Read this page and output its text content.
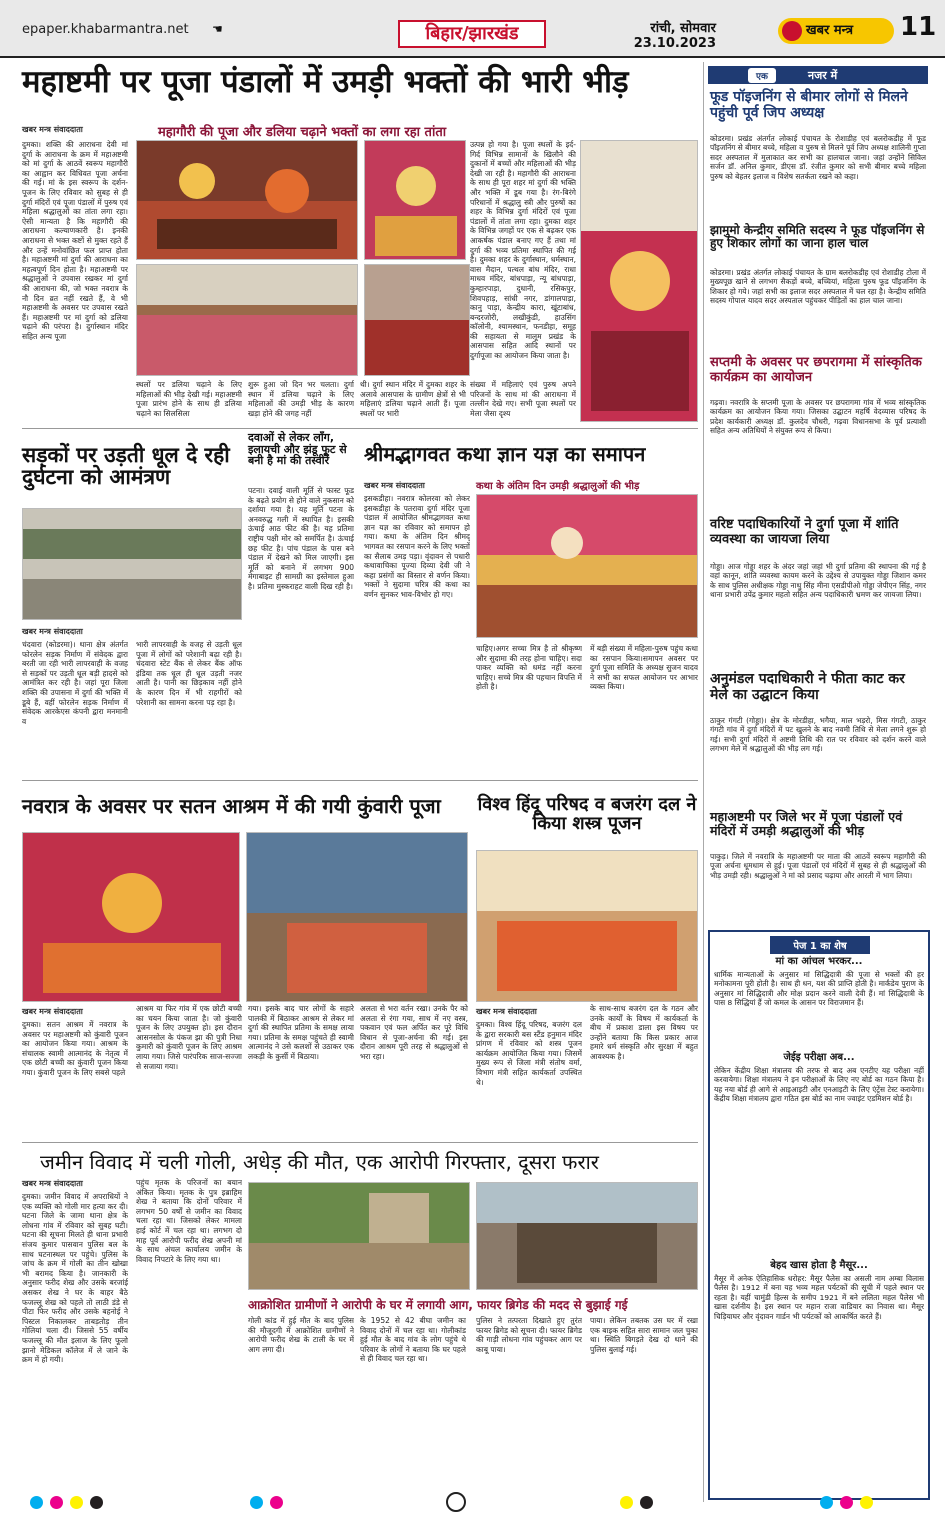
epaper.khabarmantra.net ☚	बिहार/झारखंड	रांची, सोमवार
23.10.2023
खबर मन्त्र	11
महाष्टमी पर पूजा पंडालों में उमड़ी भक्तों की भारी भीड़
खबर मन्त्र संवाददाता	महागौरी की पूजा और डलिया चढ़ाने भक्तों का लगा रहा तांता
दुमका। शक्ति की आराधना देवी मां दुर्गा के आराधना के क्रम में महाअष्टमी को मां दुर्गा के आठवें स्वरूप महागौरी का आह्वान कर विधिवत पूजा अर्चना की गई। मां के इस स्वरूप के दर्शन-पूजन के लिए रविवार को सुबह से ही दुर्गा मंदिरों एवं पूजा पंडालों में पुरुष एवं महिला श्रद्धालुओं का तांता लगा रहा। ऐसी मान्यता है कि महागौरी की आराधना कल्याणकारी है। इनकी आराधना से भक्त कष्टों से मुक्त रहते हैं और उन्हें मनोवांछित फल प्राप्त होता है। महाअष्टमी मां दुर्गा की आराधना का महत्वपूर्ण दिन होता है। महाअष्टमी पर श्रद्धालुओं ने उपवास रखकर मां दुर्गा की आराधना की, जो भक्त नवरात्र के नौ दिन व्रत नहीं रखते हैं, वे भी महाअष्टमी के अवसर पर उपवास रखते हैं। महाअष्टमी पर मां दुर्गा को डलिया चढ़ाने की परंपरा है। दुर्गास्थान मंदिर सहित अन्य पूजा
उत्पन्न हो गया है। पूजा स्थलों के इर्द-गिर्द विभिन्न सामानों के खिलौने की दुकानों में बच्चों और महिलाओं की भीड़ देखी जा रही है। महागौरी की आराधना के साथ ही पूरा शहर मां दुर्गा की भक्ति और भक्ति में डूब गया है। रंग-बिरंगे परिधानों में श्रद्धालु स्त्री और पुरुषों का शहर के विभिन्न दुर्गा मंदिरों एवं पूजा पंडालों में तांता लगा रहा। दुमका शहर के विभिन्न जगहों पर एक से बढ़कर एक आकर्षक पंडाल बनाए गए हैं तथा मां दुर्गा की भव्य प्रतिमा स्थापित की गई है। दुमका शहर के दुर्गास्थान, धर्मस्थान, वास मैदान, पत्थल बांध मंदिर, राधा माधव मंदिर, बांधपाड़ा, न्यू बांधपाड़ा, कुम्हारपाड़ा, दुधानी, रसिकपुर, शिवपहाड़, सांधी नगर, डांगालपाड़ा, कानु पाड़ा, केन्द्रीय कारा, खूंटाबांध, बन्दरजोरी, लखीकुंडी, हाउसिंग कॉलोनी, श्यामस्थान, फनडीहा, समूह की सहायता से मालूम प्रखंड के आसपास सहित आदि स्थानों पर दुर्गापूजा का आयोजन किया जाता है।
स्थलों पर डलिया चढ़ाने के लिए महिलाओं की भीड़ देखी गई। महाअष्टमी पूजा प्रारंभ होने के साथ ही डलिया चढ़ाने का सिलसिला
शुरू हुआ जो दिन भर चलता। दुर्गा स्थान में डलिया चढ़ाने के लिए महिलाओं की उमड़ी भीड़ के कारण खड़ा होने की जगह नहीं
थी। दुर्गा स्थान मंदिर में दुमका शहर के अलावे आसपास के ग्रामीण क्षेत्रों से भी महिलाएं डलिया चढ़ाने आती हैं। पूजा स्थलों पर भारी
संख्या में महिलाएं एवं पुरुष अपने परिजनों के साथ मां की आराधना में तल्लीन देखे गए। सभी पूजा स्थलों पर मेला जैसा दृश्य
सड़कों पर उड़ती धूल दे रही दुर्घटना को आमंत्रण
खबर मन्त्र संवाददाता
चंदवारा (कोडरमा)। थाना क्षेत्र अंतर्गत फोरलेन सड़क निर्माण में संवेदक द्वारा बरती जा रही भारी लापरवाही के वजह से सड़कों पर उड़ती धूल बड़ी हादसे को आमंत्रित कर रही है। जहां पूरा जिला शक्ति की उपासना में दुर्गा की भक्ति में डूबे हैं, वहीं फोरलेन सड़क निर्माण में संवेदक आरकेएस कंपनी द्वारा मनमानी व
भारी लापरवाही के वजह से उड़ती धूल पूजा में लोगों को परेशानी बढ़ा रही है। चंदवारा स्टेट बैंक से लेकर बैंक ऑफ इंडिया तक धूल ही धूल उड़ती नजर आती है। पानी का छिड़काव नहीं होने के कारण दिन में भी राहगीरों को परेशानी का सामना करना पड़ रहा है।
दवाओं से लेकर लॉंग, इलायची और झंडू फूट से बनी है मां की तस्वीरें
पटना। दवाई वाली मूर्ति से फास्ट फूड के बढ़ते प्रयोग से होने वाले नुकसान को दर्शाया गया है। यह मूर्ति पटना के अनवरुद्ध गली में स्थापित है। इसकी ऊंचाई आठ फीट की है। यह प्रतिमा राष्ट्रीय पक्षी मोर को समर्पित है। ऊंचाई छह फीट है। पांच पंडाल के पास बने पंडाल में देखने को मिल जाएगी। इस मूर्ति को बनाने में लगभग 900 मेगाबाइट ही सामग्री का इस्तेमाल हुआ है। प्रतिमा मुस्कराहट वाली दिख रही है।
श्रीमद्भागवत कथा ज्ञान यज्ञ का समापन
खबर मन्त्र संवाददाता	कथा के अंतिम दिन उमड़ी श्रद्धालुओं की भीड़
इसकडीहा। नवरात्र कोलरवा को लेकर इसकडीहा के पतरावा दुर्गा मंदिर पूजा पंडाल में आयोजित श्रीमद्भागवत कथा ज्ञान यज्ञ का रविवार को समापन हो गया। कथा के अंतिम दिन श्रीमद् भागवत का रसपान करने के लिए भक्तों का सैलाब उमड़ पड़ा। वृंदावन से पधारी कथावाचिका पूज्या दिव्या देवी जी ने कहा प्रसंगों का विस्तार से वर्णन किया। भक्तों ने सुदामा चरित्र की कथा का वर्णन सुनकर भाव-विभोर हो गए।
चाहिए।अगर सच्चा मित्र है तो श्रीकृष्ण और सुदामा की तरह होना चाहिए। सदा पाकर व्यक्ति को धमंड नहीं करना चाहिए। सच्चे मित्र की पहचान विपत्ति में होती है।
में बड़ी संख्या में महिला-पुरुष पहुंच कथा का रसपान किया।समापन अवसर पर दुर्गा पूजा समिति के अध्यक्ष सुजन यादव ने सभी का सफल आयोजन पर आभार व्यक्त किया।
नवरात्र के अवसर पर सतन आश्रम में की गयी कुंवारी पूजा
खबर मन्त्र संवाददाता
दुमका। सतन आश्रम में नवरात्र के अवसर पर महाअष्टमी को कुंवारी पूजन का आयोजन किया गया। आश्रम के संचालक स्वामी आत्मानंद के नेतृत्व में एक छोटी बच्ची का कुंवारी पूजन किया गया। कुंवारी पूजन के लिए सबसे पहले
आश्रम या फिर गांव में एक छोटी बच्ची का चयन किया जाता है। जो कुंवारी पूजन के लिए उपयुक्त हो। इस दौरान आसनसोल के पंकज झा की पुत्री निधा कुमारी को कुंवारी पूजन के लिए आश्रम लाया गया। जिसे पारंपरिक साज-सज्जा से सजाया गया।
गया। इसके बाद चार लोगों के सहारे पालकी में बिठाकर आश्रम से लेकर मां दुर्गा की स्थापित प्रतिमा के समक्ष लाया गया। प्रतिमा के समक्ष पहुंचते ही स्वामी आत्मानंद ने उसे कलशों से उठाकर एक लकड़ी के कुर्सी में बिठाया।
अलता से भरा वर्तन रखा। उनके पैर को अलता से रंगा गया, साथ में नए वस्त्र, पकवान एवं फल अर्पित कर पूरे विधि विधान से पूजा-अर्चना की गई। इस दौरान आश्रम पूरी तरह से श्रद्धालुओं से भरा रहा।
विश्व हिंदू परिषद व बजरंग दल ने किया शस्त्र पूजन
खबर मन्त्र संवाददाता
दुमका। विश्व हिंदू परिषद, बजरंग दल के द्वारा सरकारी बस स्टैंड हनुमान मंदिर प्रांगण में रविवार को शस्त्र पूजन कार्यक्रम आयोजित किया गया। जिसमें मुख्य रूप से जिला मंत्री संतोष वर्मा, विभाग मंत्री सहित कार्यकर्ता उपस्थित थे।
के साथ-साथ बजरंग दल के गठन और उनके कार्यों के विषय में कार्यकर्ता के बीच में प्रकाश डाला इस विषय पर उन्होंने बताया कि किस प्रकार आज हमारे धर्म संस्कृति और सुरक्षा में बहुत आवश्यक है।
जमीन विवाद में चली गोली, अधेड़ की मौत, एक आरोपी गिरफ्तार, दूसरा फरार
खबर मन्त्र संवाददाता
दुमका। जमीन विवाद में अपराधियों ने एक व्यक्ति को गोली मार हत्या कर दी। घटना जिले के जामा थाना क्षेत्र के लोधना गांव में रविवार को सुबह घटी। घटना की सूचना मिलते ही थाना प्रभारी संजय कुमार पासवान पुलिस बल के साथ घटनास्थल पर पहुंचे। पुलिस के जांच के क्रम में गोली का तीन खोखा भी बरामद किया है। जानकारी के अनुसार फरीद शेख और उसके बरजांई असकर शेख ने घर के बाहर बैठे फजल्लू शेख को पहले तो लाठी डंडे से पीटा फिर फरीद और उसके बहनोई ने पिस्टल निकालकर ताबड़तोड़ तीन गोलियां चला दी। जिससे 55 वर्षीय फजल्लू की मौत इलाज के लिए फूलो झानो मेडिकल कॉलेज में ले जाने के क्रम में हो गयी।
पहुंच मृतक के परिजनों का बयान अंकित किया। मृतक के पुत्र इब्राहिम शेख ने बताया कि दोनों परिवार में लगभग 50 वर्षों से जमीन का विवाद चला रहा था। जिसको लेकर मामला हाई कोर्ट में चल रहा था। लगभग दो माह पूर्व आरोपी फरीद शेख अपनी मां के साथ अंचल कार्यालय जमीन के विवाद निपटारे के लिए गया था।
आक्रोशित ग्रामीणों ने आरोपी के घर में लगायी आग, फायर ब्रिगेड की मदद से बुझाई गई
गोली कांड में हुई मौत के बाद पुलिस की मौजूदगी में आक्रोशित ग्रामीणों ने आरोपी फरीद शेख के टाली के घर में आग लगा दी।
के 1952 से 42 बीघा जमीन का विवाद दोनों में चल रहा था। गोलीकांड हुई मौत के बाद गांव के लोग पहुंचे थे परिवार के लोगों ने बताया कि घर पहले से ही विवाद चल रहा था।
पुलिस ने तत्परता दिखाते हुए तुरंत फायर ब्रिगेड को सूचना दी। फायर ब्रिगेड की गाड़ी लोधना गांव पहुंचकर आग पर काबू पाया।
पाया। लेकिन तबतक उस घर में रखा एक बाइक सहित सारा सामान जल चुका था। स्थिति बिगड़ते देख दो थाने की पुलिस बुलाई गई।
एक	नजर में
फूड पॉइजनिंग से बीमार लोगों से मिलने पहुंची पूर्व जिप अध्यक्ष
कोडरमा। प्रखंड अंतर्गत लोकाई पंचायत के रोशाडीह एवं बलरोकडीह में फूड पॉइजनिंग से बीमार बच्चे, महिला व पुरुष से मिलने पूर्व जिप अध्यक्ष शालिनी गुप्ता सदर अस्पताल में मुलाकात कर सभी का हालचाल जाना। जहां उन्होंने सिविल सर्जन डॉ. अनिल कुमार, डीएस डॉ. रंजीत कुमार को सभी बीमार बच्चे महिला पुरुष को बेहतर इलाज व विशेष सतर्कता रखने को कहा।
झामुमो केन्द्रीय समिति सदस्य ने फूड पॉइजनिंग से हुए शिकार लोगों का जाना हाल चाल
कोडरमा। प्रखंड अंतर्गत लोकाई पंचायत के ग्राम बलरोकडीह एवं रोशाडीह टोला में मुख्यपूछ खाने से लगभग सैकड़ों बच्चे, बच्चियां, महिला पुरुष फूड पॉइजनिंग के शिकार हो गये। जहां सभी का इलाज सदर अस्पताल में चल रहा है। केन्द्रीय समिति सदस्य गोपाल यादव सदर अस्पताल पहुंचकर पीड़ितों का हाल चाल जाना।
सप्तमी के अवसर पर छपरागमा में सांस्कृतिक कार्यक्रम का आयोजन
गढ़वा। नवरात्रि के सप्तमी पूजा के अवसर पर छपरागमा गांव में भव्य सांस्कृतिक कार्यक्रम का आयोजन किया गया। जिसका उद्घाटन महर्षि वेदव्यास परिषद के प्रदेश कार्यकारी अध्यक्ष डॉ. कुलदेव चौधरी, गढ़वा विधानसभा के पूर्व प्रत्याशी सहित अन्य अतिथियों ने संयुक्त रूप से किया।
वरिष्ट पदाधिकारियों ने दुर्गा पूजा में शांति व्यवस्था का जायजा लिया
गोड्डा। आज गोड्डा शहर के अंदर जहां जहां भी दुर्गा प्रतिमा की स्थापना की गई है वहां कानून, शांति व्यवस्था कायम करने के उद्देश्य से उपायुक्त गोड्डा जिशान कमर के साथ पुलिस अधीक्षक गोड्डा नाथु सिंह मीना एसडीपीओ गोड्डा जेपीएन सिंह, नगर थाना प्रभारी उपेंद्र कुमार महतो सहित अन्य पदाधिकारी भ्रमण कर जायजा लिया।
अनुमंडल पदाधिकारी ने फीता काट कर मेले का उद्घाटन किया
ठाकुर गंगटी (गोड्डा)। क्षेत्र के मोरडीहा, भगैया, माल भड़रो, मिस गंगटी, ठाकुर गंगटी गांव में दुर्गा मंदिरों में पट खुलने के बाद नवमी तिथि से मेला लगने शुरू हो गई। सभी दुर्गा मंदिरों में अष्टमी तिथि की रात पर रविवार को दर्शन करने वाले लगभग मेले में श्रद्धालुओं की भीड़ लग गई।
महाअष्टमी पर जिले भर में पूजा पंडालों एवं मंदिरों में उमड़ी श्रद्धालुओं की भीड़
पाकुड़। जिले में नवरात्रि के महाअष्टमी पर माता की आठवें स्वरूप महागौरी की पूजा अर्चना धूमधाम से हुई। पूजा पंडालों एवं मंदिरों में सुबह से ही श्रद्धालुओं की भीड़ उमड़ी रही। श्रद्धालुओं ने मां को प्रसाद चढ़ाया और आरती में भाग लिया।
पेज 1 का शेष
मां का आंचल भरकर...
धार्मिक मान्यताओं के अनुसार मां सिद्धिदात्री की पूजा से भक्तों की हर मनोकामना पूरी होती है। साथ ही धन, यश की प्राप्ति होती है। मार्कंडेय पुराण के अनुसार मां सिद्धिदात्री और मोक्ष प्रदान करने वाली देवी हैं। मां सिद्धिदात्री के पास 8 सिद्धियां हैं जो कमल के आसन पर विराजमान हैं।
जेईइ परीक्षा अब...
लेकिन केंद्रीय शिक्षा मंत्रालय की तरफ से बाद अब एनटीए यह परीक्षा नहीं करवायेगा। शिक्षा मंत्रालय ने इन परीक्षाओं के लिए नए बोर्ड का गठन किया है। यह नया बोर्ड ही आगे से आइआइटी और एनआइटी के लिए एंट्रेंस टेस्ट करायेगा। केंद्रीय शिक्षा मंत्रालय द्वारा गठित इस बोर्ड का नाम ज्वाइंट एडमिशन बोर्ड है।
बेहद खास होता है मैसूर...
मैसूर में अनेक ऐतिहासिक धरोहर: मैसूर पैलेस का असली नाम अम्बा विलास पैलेस है। 1912 में बना यह भव्य महल पर्यटकों की सूची में पहले स्थान पर रहता है। यहीं चामुंडी हिल्स के समीप 1921 में बने ललिता महल पैलेस भी खास दर्शनीय है। इस स्थान पर महान राजा वाडियार का निवास था। मैसूर चिड़ियाघर और वृंदावन गार्डन भी पर्यटकों को आकर्षित करते हैं।
